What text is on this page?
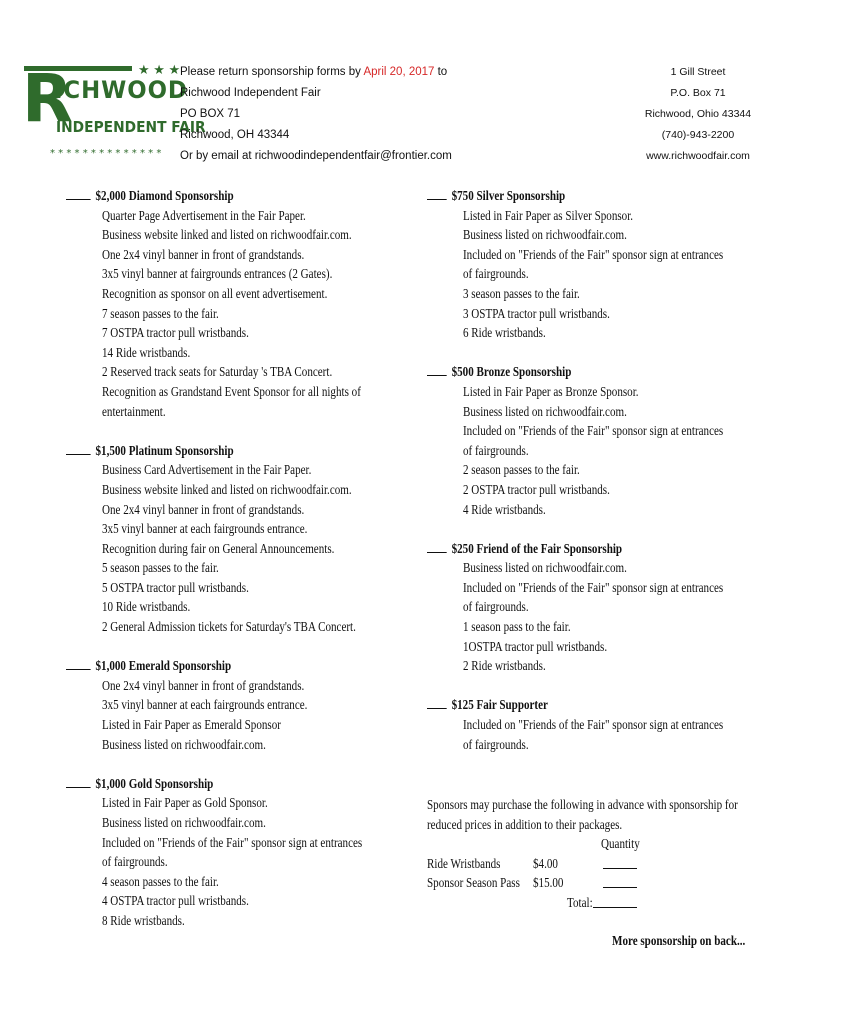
★ ★ ★
* * * * * * * * * * * * * *
R
ICHWOOD
INDEPENDENT FAIR
Please return sponsorship forms by April 20, 2017 to
Richwood Independent Fair
PO BOX 71
Richwood, OH 43344
Or by email at richwoodindependentfair@frontier.com
1 Gill Street
P.O. Box 71
Richwood, Ohio 43344
(740)-943-2200
www.richwoodfair.com
$2,000 Diamond Sponsorship
Quarter Page Advertisement in the Fair Paper.
Business website linked and listed on richwoodfair.com.
One 2x4 vinyl banner in front of grandstands.
3x5 vinyl banner at fairgrounds entrances (2 Gates).
Recognition as sponsor on all event advertisement.
7 season passes to the fair.
7 OSTPA tractor pull wristbands.
14 Ride wristbands.
2 Reserved track seats for Saturday 's TBA Concert.
Recognition as Grandstand Event Sponsor for all nights of
entertainment.
$1,500 Platinum Sponsorship
Business Card Advertisement in the Fair Paper.
Business website linked and listed on richwoodfair.com.
One 2x4 vinyl banner in front of grandstands.
3x5 vinyl banner at each fairgrounds entrance.
Recognition during fair on General Announcements.
5 season passes to the fair.
5 OSTPA tractor pull wristbands.
10 Ride wristbands.
2 General Admission tickets for Saturday's TBA Concert.
$1,000 Emerald Sponsorship
One 2x4 vinyl banner in front of grandstands.
3x5 vinyl banner at each fairgrounds entrance.
Listed in Fair Paper as Emerald Sponsor
Business listed on richwoodfair.com.
$1,000 Gold Sponsorship
Listed in Fair Paper as Gold Sponsor.
Business listed on richwoodfair.com.
Included on "Friends of the Fair" sponsor sign at entrances
of fairgrounds.
4 season passes to the fair.
4 OSTPA tractor pull wristbands.
8 Ride wristbands.
$750 Silver Sponsorship
Listed in Fair Paper as Silver Sponsor.
Business listed on richwoodfair.com.
Included on "Friends of the Fair" sponsor sign at entrances
of fairgrounds.
3 season passes to the fair.
3 OSTPA tractor pull wristbands.
6 Ride wristbands.
$500 Bronze Sponsorship
Listed in Fair Paper as Bronze Sponsor.
Business listed on richwoodfair.com.
Included on "Friends of the Fair" sponsor sign at entrances
of fairgrounds.
2 season passes to the fair.
2 OSTPA tractor pull wristbands.
4 Ride wristbands.
$250 Friend of the Fair Sponsorship
Business listed on richwoodfair.com.
Included on "Friends of the Fair" sponsor sign at entrances
of fairgrounds.
1 season pass to the fair.
1OSTPA tractor pull wristbands.
2 Ride wristbands.
$125 Fair Supporter
Included on "Friends of the Fair" sponsor sign at entrances
of fairgrounds.
Sponsors may purchase the following in advance with sponsorship for
reduced prices in addition to their packages.
Quantity
Ride Wristbands $4.00
Sponsor Season Pass $15.00
Total:
More sponsorship on back...
